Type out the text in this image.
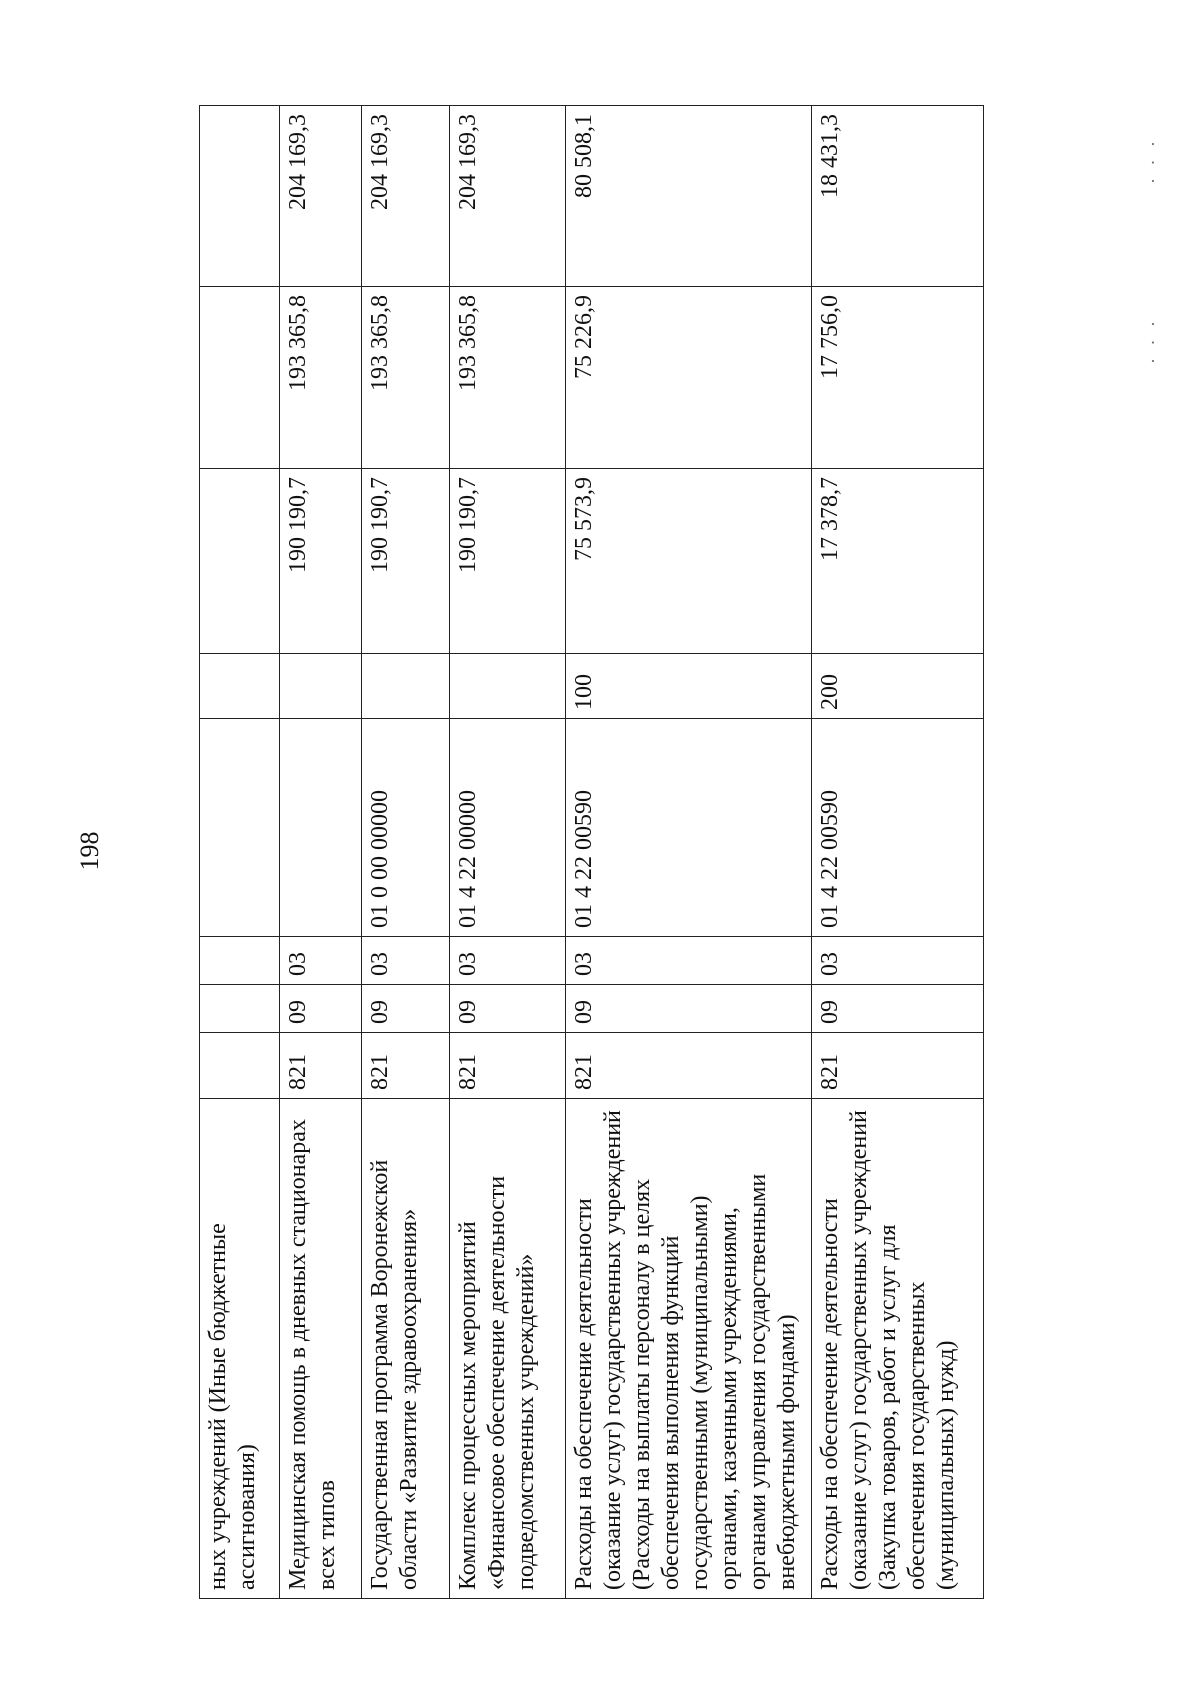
198
· · ·
· · ·
ных учреждений (Иные бюджетные ассигнования)								
Медицинская помощь в дневных стационарах всех типов	821	09	03			190 190,7	193 365,8	204 169,3
Государственная программа Воронежской области «Развитие здравоохранения»	821	09	03	01 0 00 00000		190 190,7	193 365,8	204 169,3
Комплекс процессных мероприятий «Финансовое обеспечение деятельности подведомственных учреждений»	821	09	03	01 4 22 00000		190 190,7	193 365,8	204 169,3
Расходы на обеспечение деятельности (оказание услуг) государственных учреждений (Расходы на выплаты персоналу в целях обеспечения выполнения функций государственными (муниципальными) органами, казенными учреждениями, органами управления государственными внебюджетными фондами)	821	09	03	01 4 22 00590	100	75 573,9	75 226,9	80 508,1
Расходы на обеспечение деятельности (оказание услуг) государственных учреждений (Закупка товаров, работ и услуг для обеспечения государственных (муниципальных) нужд)	821	09	03	01 4 22 00590	200	17 378,7	17 756,0	18 431,3
